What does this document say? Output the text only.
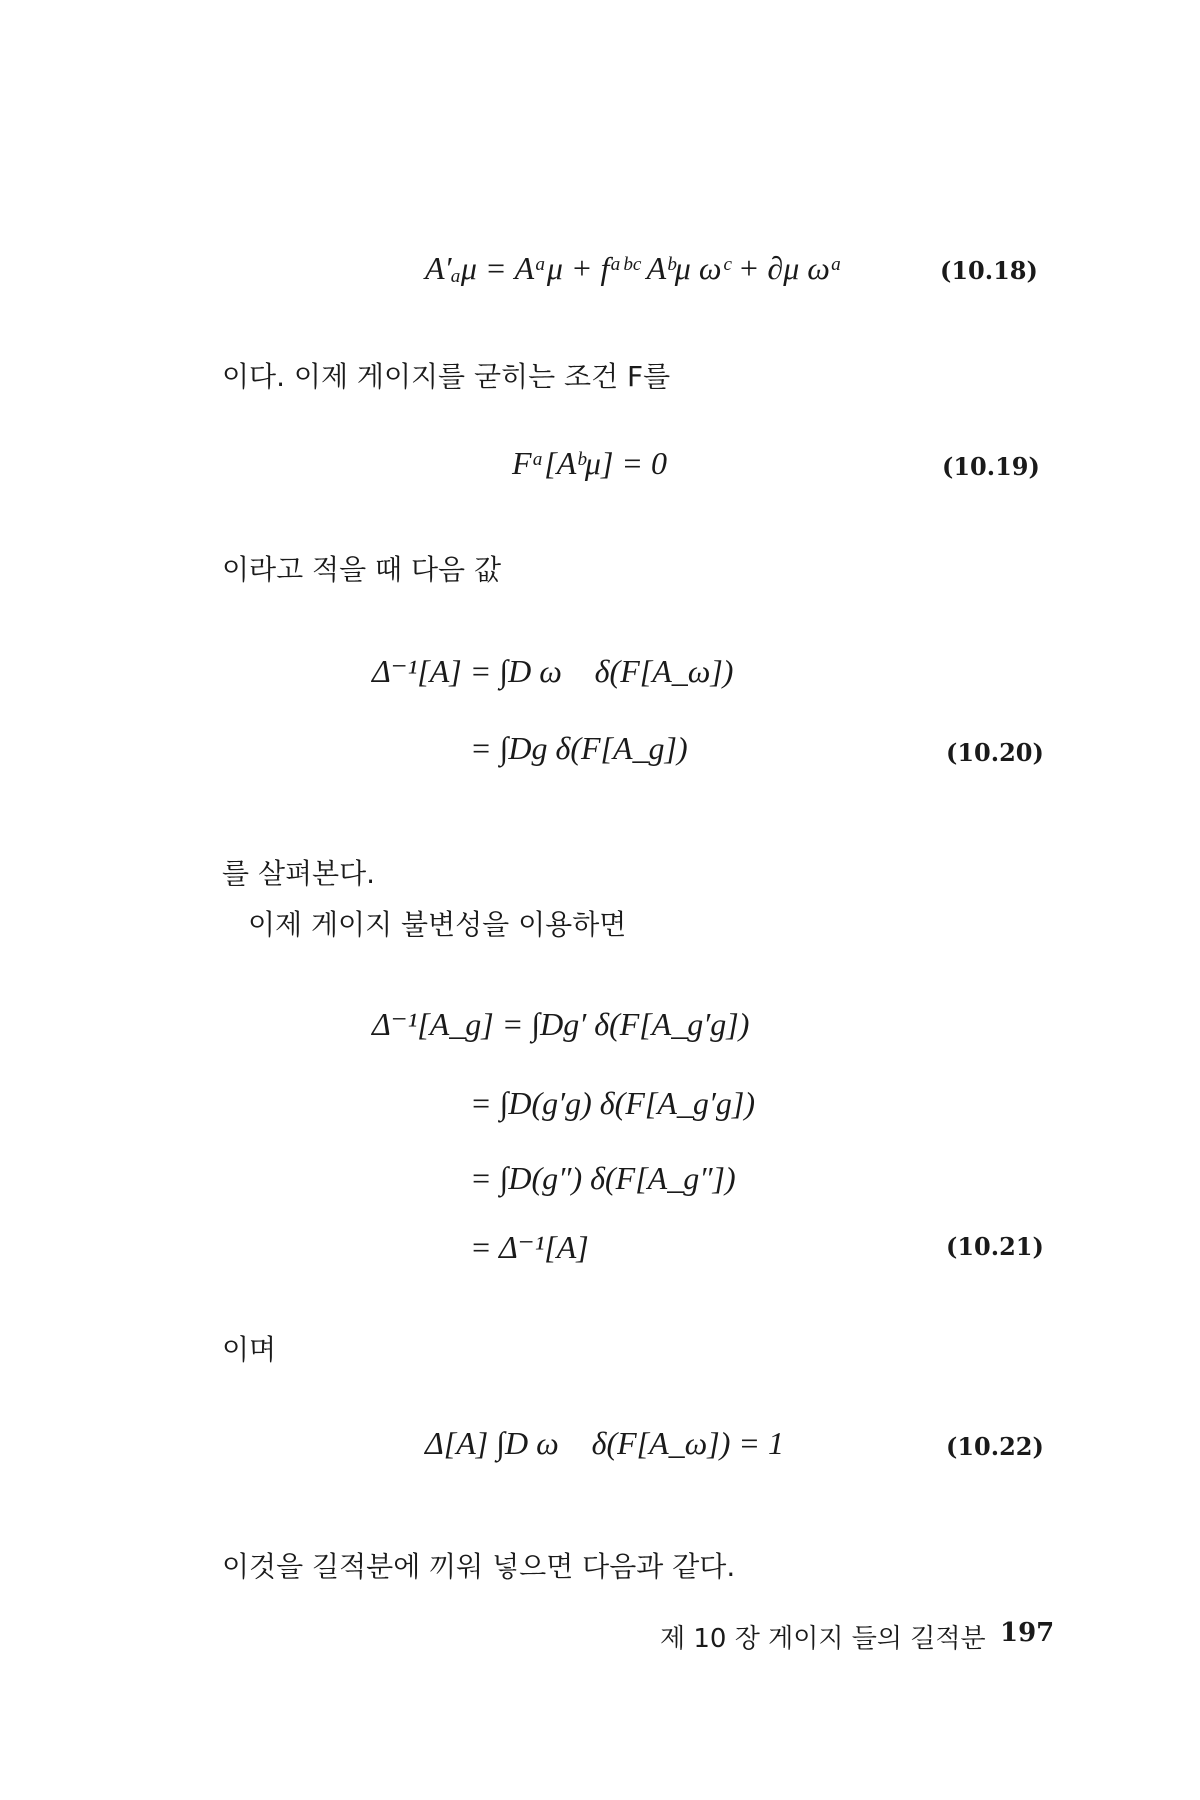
A′ₐμ = Aᵃμ + fᵃᵇᶜ Aᵇμ ωᶜ + ∂μ ωᵃ	(10.18)
이다. 이제 게이지를 굳히는 조건 F를
Fᵃ[Aᵇμ] = 0	(10.19)
이라고 적을 때 다음 값
Δ⁻¹[A] = ∫D ω⃗ δ(F[A_ω])
= ∫Dg δ(F[A_g])	(10.20)
를 살펴본다.
이제 게이지 불변성을 이용하면
Δ⁻¹[A_g] = ∫Dg′ δ(F[A_g′g])
= ∫D(g′g) δ(F[A_g′g])
= ∫D(g″) δ(F[A_g″])
= Δ⁻¹[A]	(10.21)
이며
Δ[A] ∫D ω⃗ δ(F[A_ω]) = 1	(10.22)
이것을 길적분에 끼워 넣으면 다음과 같다.
제 10 장 게이지 들의 길적분 197
